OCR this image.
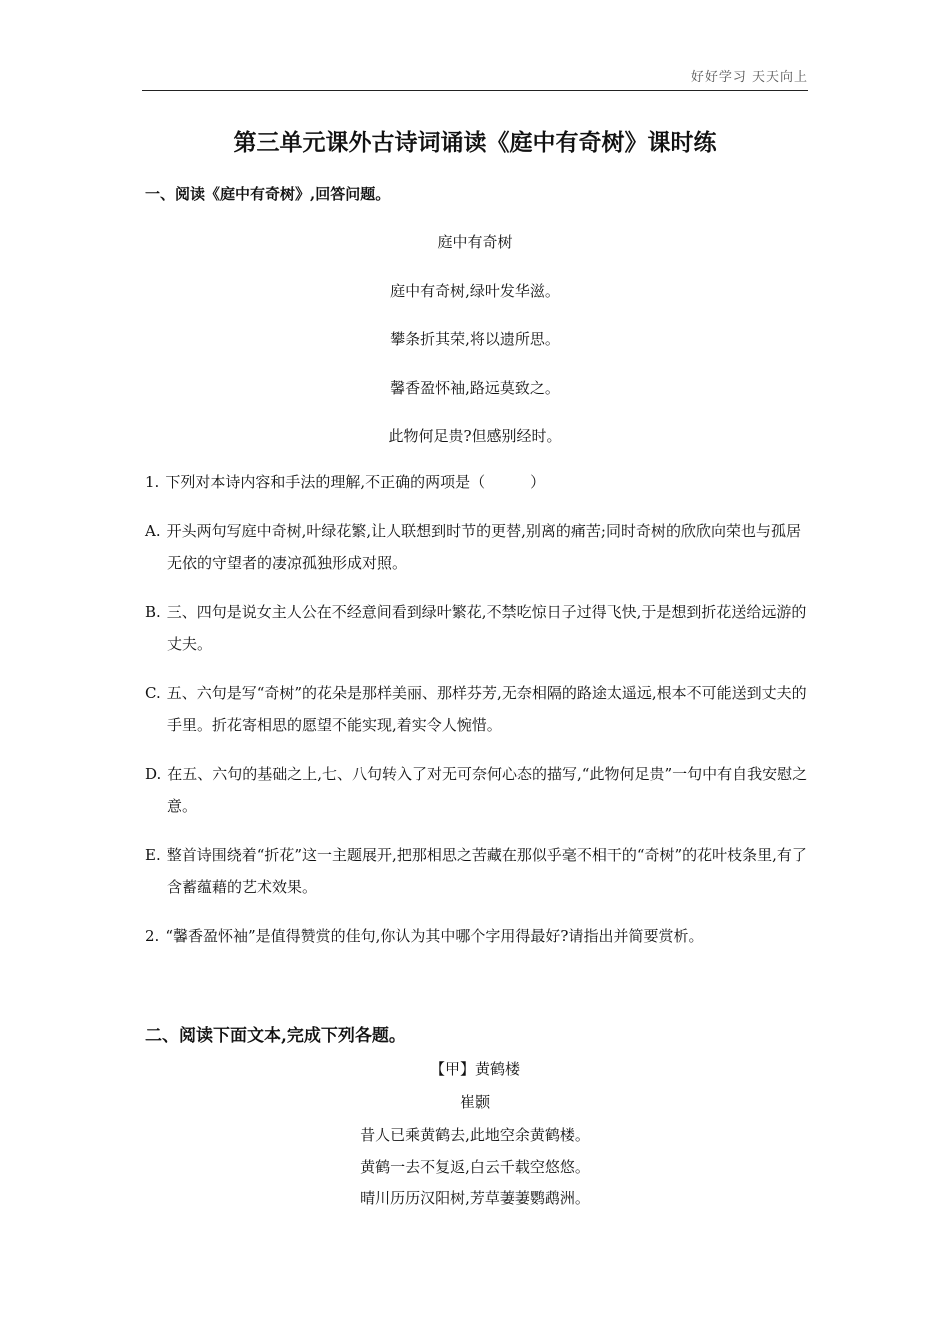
好好学习 天天向上
第三单元课外古诗词诵读《庭中有奇树》课时练
一、阅读《庭中有奇树》,回答问题。
庭中有奇树
庭中有奇树,绿叶发华滋。
攀条折其荣,将以遗所思。
馨香盈怀袖,路远莫致之。
此物何足贵?但感别经时。
1. 下列对本诗内容和手法的理解,不正确的两项是（　　　）
A. 开头两句写庭中奇树,叶绿花繁,让人联想到时节的更替,别离的痛苦;同时奇树的欣欣向荣也与孤居无依的守望者的凄凉孤独形成对照。
B. 三、四句是说女主人公在不经意间看到绿叶繁花,不禁吃惊日子过得飞快,于是想到折花送给远游的丈夫。
C. 五、六句是写“奇树”的花朵是那样美丽、那样芬芳,无奈相隔的路途太遥远,根本不可能送到丈夫的手里。折花寄相思的愿望不能实现,着实令人惋惜。
D. 在五、六句的基础之上,七、八句转入了对无可奈何心态的描写,“此物何足贵”一句中有自我安慰之意。
E. 整首诗围绕着“折花”这一主题展开,把那相思之苦藏在那似乎毫不相干的“奇树”的花叶枝条里,有了含蓄蕴藉的艺术效果。
2. “馨香盈怀袖”是值得赞赏的佳句,你认为其中哪个字用得最好?请指出并简要赏析。
二、阅读下面文本,完成下列各题。
【甲】黄鹤楼
崔颢
昔人已乘黄鹤去,此地空余黄鹤楼。
黄鹤一去不复返,白云千载空悠悠。
晴川历历汉阳树,芳草萋萋鹦鹉洲。
